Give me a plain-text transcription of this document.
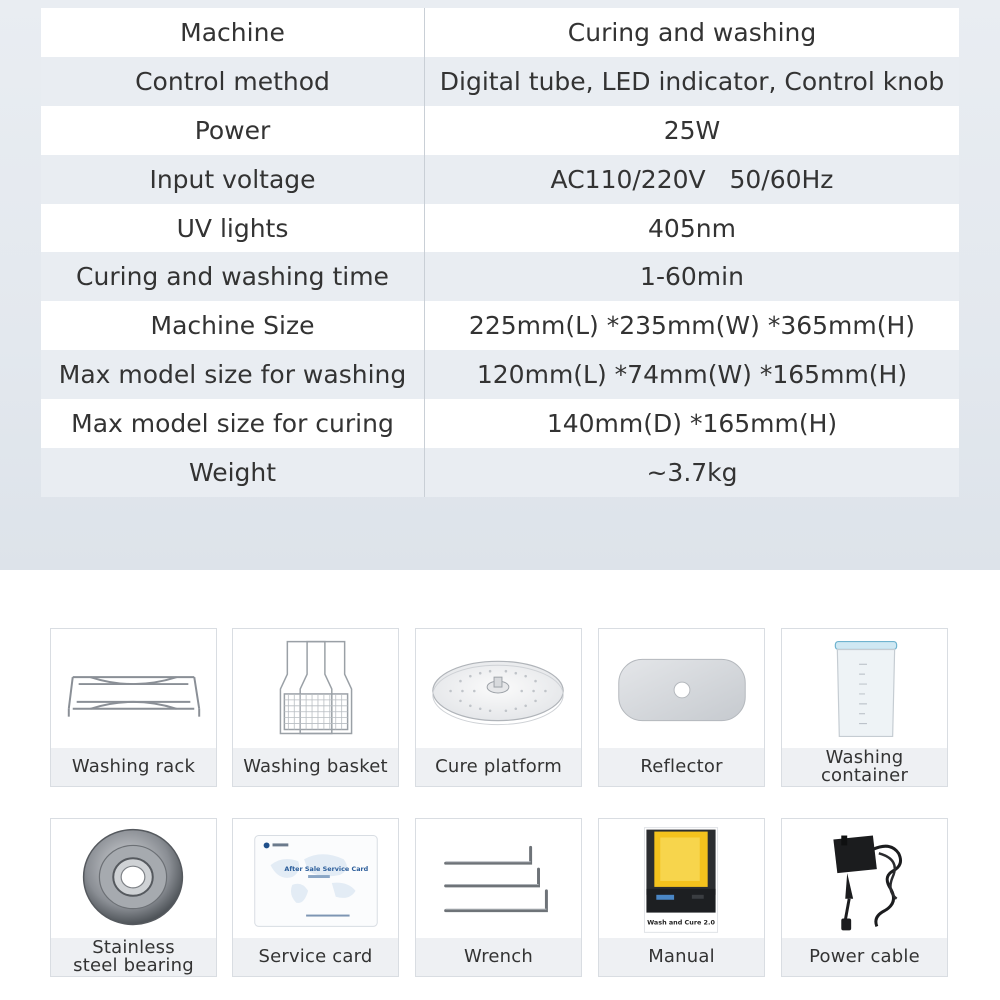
Machine	Curing and washing
Control method	Digital tube, LED indicator, Control knob
Power	25W
Input voltage	AC110/220V   50/60Hz
UV lights	405nm
Curing and washing time	1-60min
Machine Size	225mm(L) *235mm(W) *365mm(H)
Max model size for washing	120mm(L) *74mm(W) *165mm(H)
Max model size for curing	140mm(D) *165mm(H)
Weight	~3.7kg
Washing rack	Washing basket	Cure platform	Reflector	Washing
container
Stainless
steel bearing
After Sale Service Card
Service card	Wrench
Wash and Cure 2.0
Manual	Power cable
